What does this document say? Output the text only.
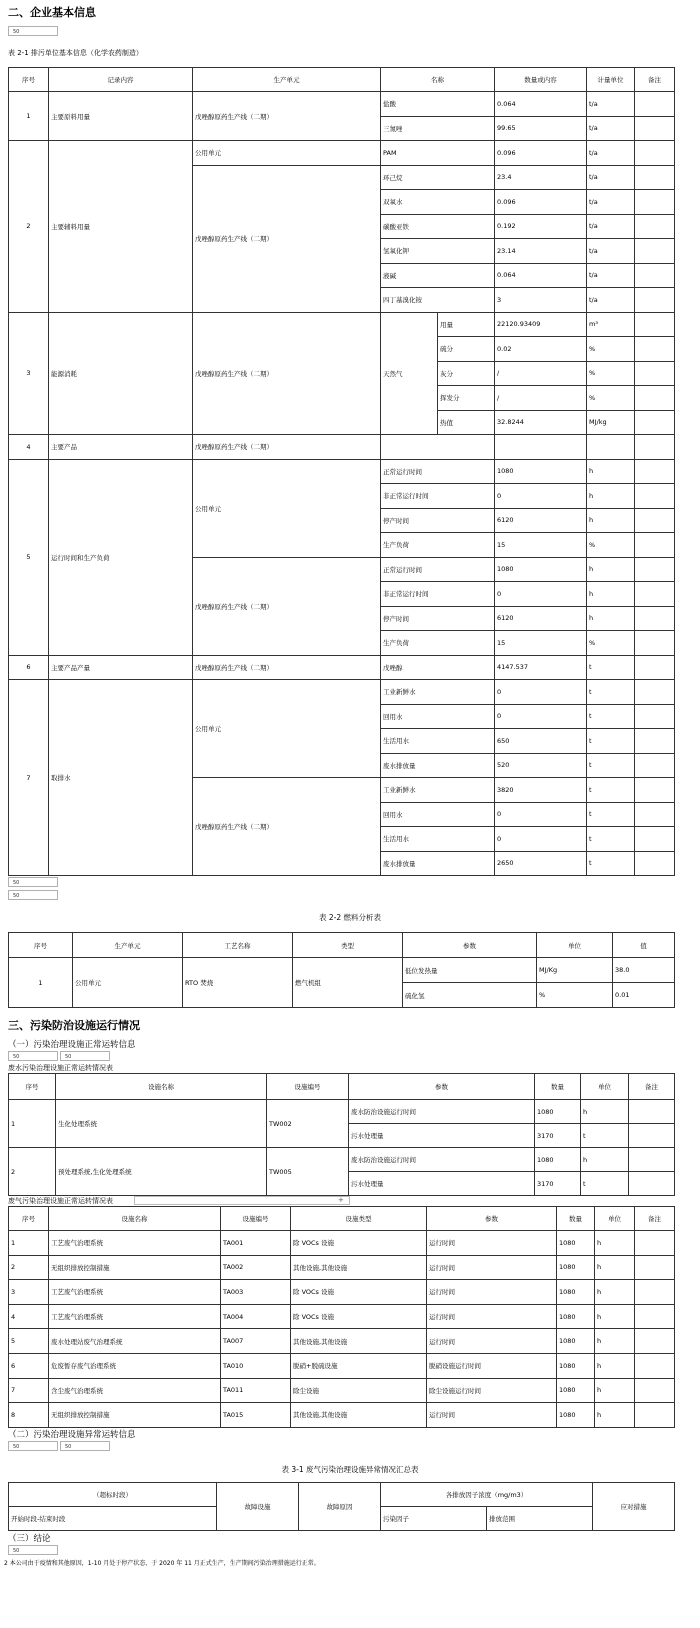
二、企业基本信息
50
表 2-1 排污单位基本信息（化学农药制造）
序号	记录内容	生产单元	名称		数量或内容	计量单位	备注
1	主要原料用量	戊唑醇原药生产线（二期）	盐酸		0.064	t/a	
			三氮唑		99.65	t/a	
2	主要辅料用量	公用单元	PAM		0.096	t/a	
		戊唑醇原药生产线（二期）	环己烷		23.4	t/a	
			双氧水		0.096	t/a	
			碳酸亚铁		0.192	t/a	
			氢氧化钾		23.14	t/a	
			液碱		0.064	t/a	
			四丁基溴化铵		3	t/a	
3	能源消耗	戊唑醇原药生产线（二期）	天然气	用量	22120.93409	m³	
				硫分	0.02	%	
				灰分	/	%	
				挥发分	/	%	
				热值	32.8244	MJ/kg	
4	主要产品	戊唑醇原药生产线（二期）					
5	运行时间和生产负荷	公用单元	正常运行时间		1080	h	
			非正常运行时间		0	h	
			停产时间		6120	h	
			生产负荷		15	%	
		戊唑醇原药生产线（二期）	正常运行时间		1080	h	
			非正常运行时间		0	h	
			停产时间		6120	h	
			生产负荷		15	%	
6	主要产品产量	戊唑醇原药生产线（二期）	戊唑醇		4147.537	t	
7	取排水	公用单元	工业新鲜水		0	t	
			回用水		0	t	
			生活用水		650	t	
			废水排放量		520	t	
		戊唑醇原药生产线（二期）	工业新鲜水		3820	t	
			回用水		0	t	
			生活用水		0	t	
			废水排放量		2650	t	
50
50
表 2-2 燃料分析表
序号	生产单元	工艺名称	类型	参数	单位	值
1	公用单元	RTO 焚烧	燃气机组	低位发热量	MJ/Kg	38.0
				硫化氢	%	0.01
三、污染防治设施运行情况
（一）污染治理设施正常运转信息
50	50
废水污染治理设施正常运转情况表
序号	设施名称	设施编号	参数	数量	单位	备注
1	生化处理系统	TW002	废水防治设施运行时间	1080	h	
			污水处理量	3170	t	
2	预处理系统,生化处理系统	TW005	废水防治设施运行时间	1080	h	
			污水处理量	3170	t	
废气污染治理设施正常运转情况表	+
序号	设施名称	设施编号	设施类型	参数	数量	单位	备注
1	工艺废气治理系统	TA001	除 VOCs 设施	运行时间	1080	h	
2	无组织排放控制措施	TA002	其他设施,其他设施	运行时间	1080	h	
3	工艺废气治理系统	TA003	除 VOCs 设施	运行时间	1080	h	
4	工艺废气治理系统	TA004	除 VOCs 设施	运行时间	1080	h	
5	废水处理站废气治理系统	TA007	其他设施,其他设施	运行时间	1080	h	
6	危废暂存废气治理系统	TA010	脱硝+脱硫设施	脱硝设施运行时间	1080	h	
7	含尘废气治理系统	TA011	除尘设施	除尘设施运行时间	1080	h	
8	无组织排放控制措施	TA015	其他设施,其他设施	运行时间	1080	h	
（二）污染治理设施异常运转信息
50	50
表 3-1 废气污染治理设施异常情况汇总表
（超标时段）	故障设施	故障原因	各排放因子浓度（mg/m3）		应对措施
开始时段-结束时段			污染因子	排放范围	
（三）结论
50
2 本公司由于疫情和其他原因，1-10 月处于停产状态，于 2020 年 11 月正式生产，生产期间污染治理措施运行正常。
